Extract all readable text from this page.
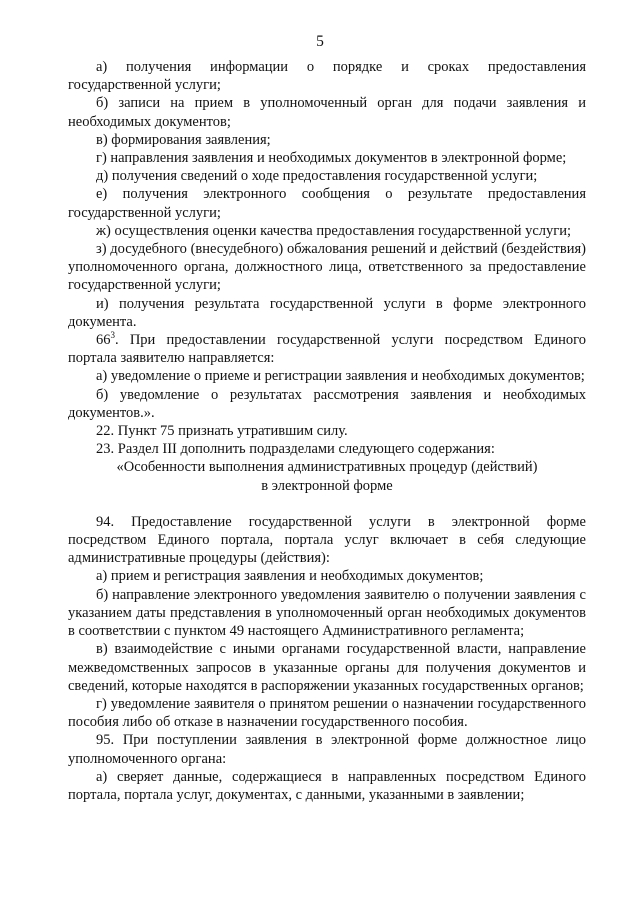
5

а) получения информации о порядке и сроках предоставления государственной услуги;

б) записи на прием в уполномоченный орган для подачи заявления и необходимых документов;

в) формирования заявления;

г) направления заявления и необходимых документов в электронной форме;

д) получения сведений о ходе предоставления государственной услуги;

е) получения электронного сообщения о результате предоставления государственной услуги;

ж) осуществления оценки качества предоставления государственной услуги;

з) досудебного (внесудебного) обжалования решений и действий (бездействия) уполномоченного органа, должностного лица, ответственного за предоставление государственной услуги;

и) получения результата государственной услуги в форме электронного документа.

$66^3$. При предоставлении государственной услуги посредством Единого портала заявителю направляется:

а) уведомление о приеме и регистрации заявления и необходимых документов;

б) уведомление о результатах рассмотрения заявления и необходимых документов.».

22. Пункт 75 признать утратившим силу.

23. Раздел III дополнить подразделами следующего содержания:

«Особенности выполнения административных процедур (действий)

в электронной форме

94. Предоставление государственной услуги в электронной форме посредством Единого портала, портала услуг включает в себя следующие административные процедуры (действия):

а) прием и регистрация заявления и необходимых документов;

б) направление электронного уведомления заявителю о получении заявления с указанием даты представления в уполномоченный орган необходимых документов в соответствии с пунктом 49 настоящего Административного регламента;

в) взаимодействие с иными органами государственной власти, направление межведомственных запросов в указанные органы для получения документов и сведений, которые находятся в распоряжении указанных государственных органов;

г) уведомление заявителя о принятом решении о назначении государственного пособия либо об отказе в назначении государственного пособия.

95. При поступлении заявления в электронной форме должностное лицо уполномоченного органа:

а) сверяет данные, содержащиеся в направленных посредством Единого портала, портала услуг, документах, с данными, указанными в заявлении;
